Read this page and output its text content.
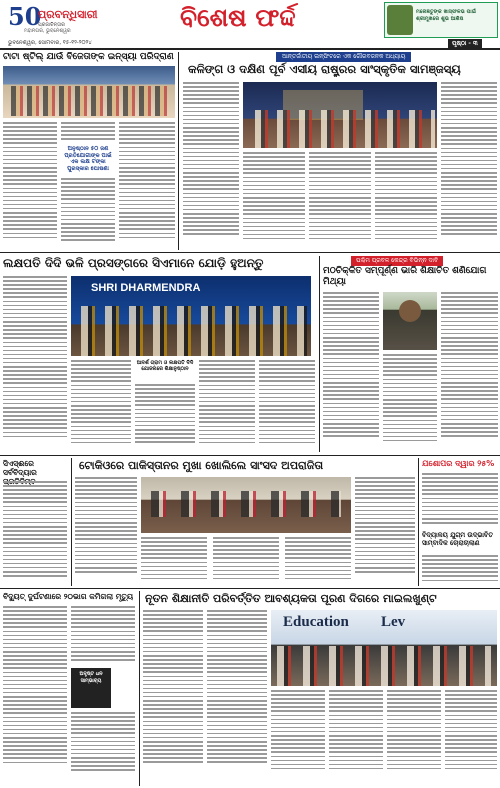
50
ପ୍ରବନ୍ଧିସାରୀ
ପ୍ରଜାଚିନ୍ତାର
ମହାନଗର, ଭୁବନେଶ୍ୱର	ବିଶେଷ ଫର୍ଦ୍ଦ	ମନୋଜ୍ଞତୁଙ୍କ ଖାସ୍ଫଳଭ ପାଇଁ ଶ୍ରୀମୁଖରେ ଶୁଭ ଆଶିଷ
ଭୁବନେଶ୍ୱର, ସୋମବାର, ୧୫-୧୨-୨୦୨୪	ପୃଷ୍ଠା - ୩
ଟାଟା ଷ୍ଟିଲ୍ ଯାଉଁ ବିଜେତାଙ୍କ ଇନ୍ସ୍ୟା ପରିଦ୍ରାଣ
ଅନୁଷ୍ଠାନ ୫୦ ଜଣ ପ୍ରତିଯୋଗୀଙ୍କ ପାଇଁ ଏକ ଲକ୍ଷ ଟଙ୍କା ପୁରସ୍କାର ଘୋଷଣା
ଆନ୍ତର୍ଜାତୀୟ ଇନ୍ଫିଟରେ ଏକ ଗୌରବଜନକ ଅଧ୍ୟାୟ
କଳିଙ୍ଗ ଓ ଦକ୍ଷିଣ ପୂର୍ବ ଏସୀୟ ରାଷ୍ଟ୍ରର ସାଂସ୍କୃତିକ ସାମଞ୍ଜସ୍ୟ
ଲକ୍ଷପତି ଦିଦି ଭଳି ପ୍ରସଙ୍ଗରେ ସିଏମାନେ ଯୋଡ଼ି ହୁଅନ୍ତୁ
SHRI DHARMENDRA
ଆଦର୍ଶ ଗ୍ରାମ ଓ ଲକ୍ଷପତି ଦିଦି ଯୋଜନାରେ ଶିକ୍ଷାନୁଷ୍ଠାନ
ପଶ୍ଚିମ ପ୍ରବଳ କେନ୍ଦ୍ର ବିଭିନ୍ନ ଦାବି
ମଠଚିକ୍କିତ ସମ୍ପୂର୍ଣ୍ଣ ଭାରି ଶିକ୍ଷାଚିତ ଶଣିଯୋଗ ମିଥ୍ୟା
ସିଏସ୍ଈରେ ସର୍ବବିଦ୍ୟାର
ଟୋକିଓରେ ପାକିସ୍ତାନର ମୁଖା ଖୋଲିଲେ ସାଂସଦ ଅପରାଜିତା	ଯଶୋପର ଦ୍ୱାର ୨୫%
ବିଦ୍ୟାଳୟ ଯୁଗ୍ମ ଉଦ୍ଭାବିତ ସାମ୍ବାଦିକ ଚୋରାଚାଲାଣ
ବିଦ୍ୟୁତ୍ ଦୁର୍ଘଟଣାରେ ୨୦ଭାଗ କମିଗଲା ମୃତ୍ୟୁ
ଅଦୃଷ୍ଟ ଧନ ସାମ୍ଭାବ୍ୟ
ନୂତନ ଶିକ୍ଷାନୀତି ପରିବର୍ତ୍ତିତ ଆବଶ୍ୟକତା ପୂରଣ ଦିଗରେ ମାଇଲଖୁଣ୍ଟ
Education Lev
